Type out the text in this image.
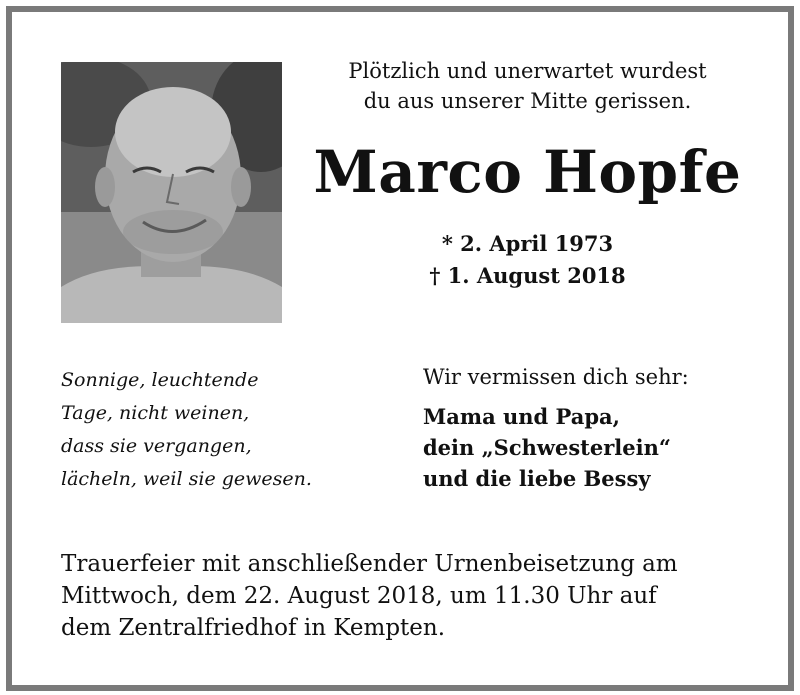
Plötzlich und unerwartet wurdest
du aus unserer Mitte gerissen.
Marco Hopfe
* 2. April 1973
† 1. August 2018
Sonnige, leuchtende
Tage, nicht weinen,
dass sie vergangen,
lächeln, weil sie gewesen.
Wir vermissen dich sehr:
Mama und Papa,
dein „Schwesterlein“
und die liebe Bessy
Trauerfeier mit anschließender Urnenbeisetzung am
Mittwoch, dem 22. August 2018, um 11.30 Uhr auf
dem Zentralfriedhof in Kempten.
